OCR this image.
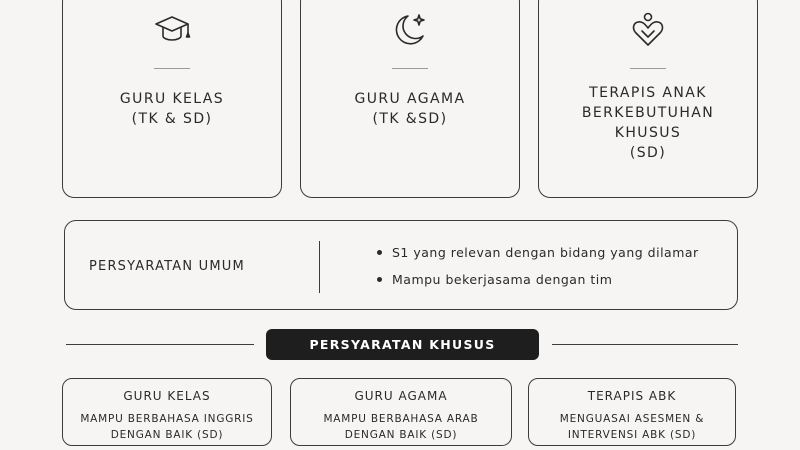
GURU KELAS
(TK & SD)
GURU AGAMA
(TK &SD)
TERAPIS ANAK
BERKEBUTUHAN
KHUSUS
(SD)
PERSYARATAN UMUM
S1 yang relevan dengan bidang yang dilamar
Mampu bekerjasama dengan tim
PERSYARATAN KHUSUS
GURU KELAS
MAMPU BERBAHASA INGGRIS
DENGAN BAIK (SD)
GURU AGAMA
MAMPU BERBAHASA ARAB
DENGAN BAIK (SD)
TERAPIS ABK
MENGUASAI ASESMEN &
INTERVENSI ABK (SD)
